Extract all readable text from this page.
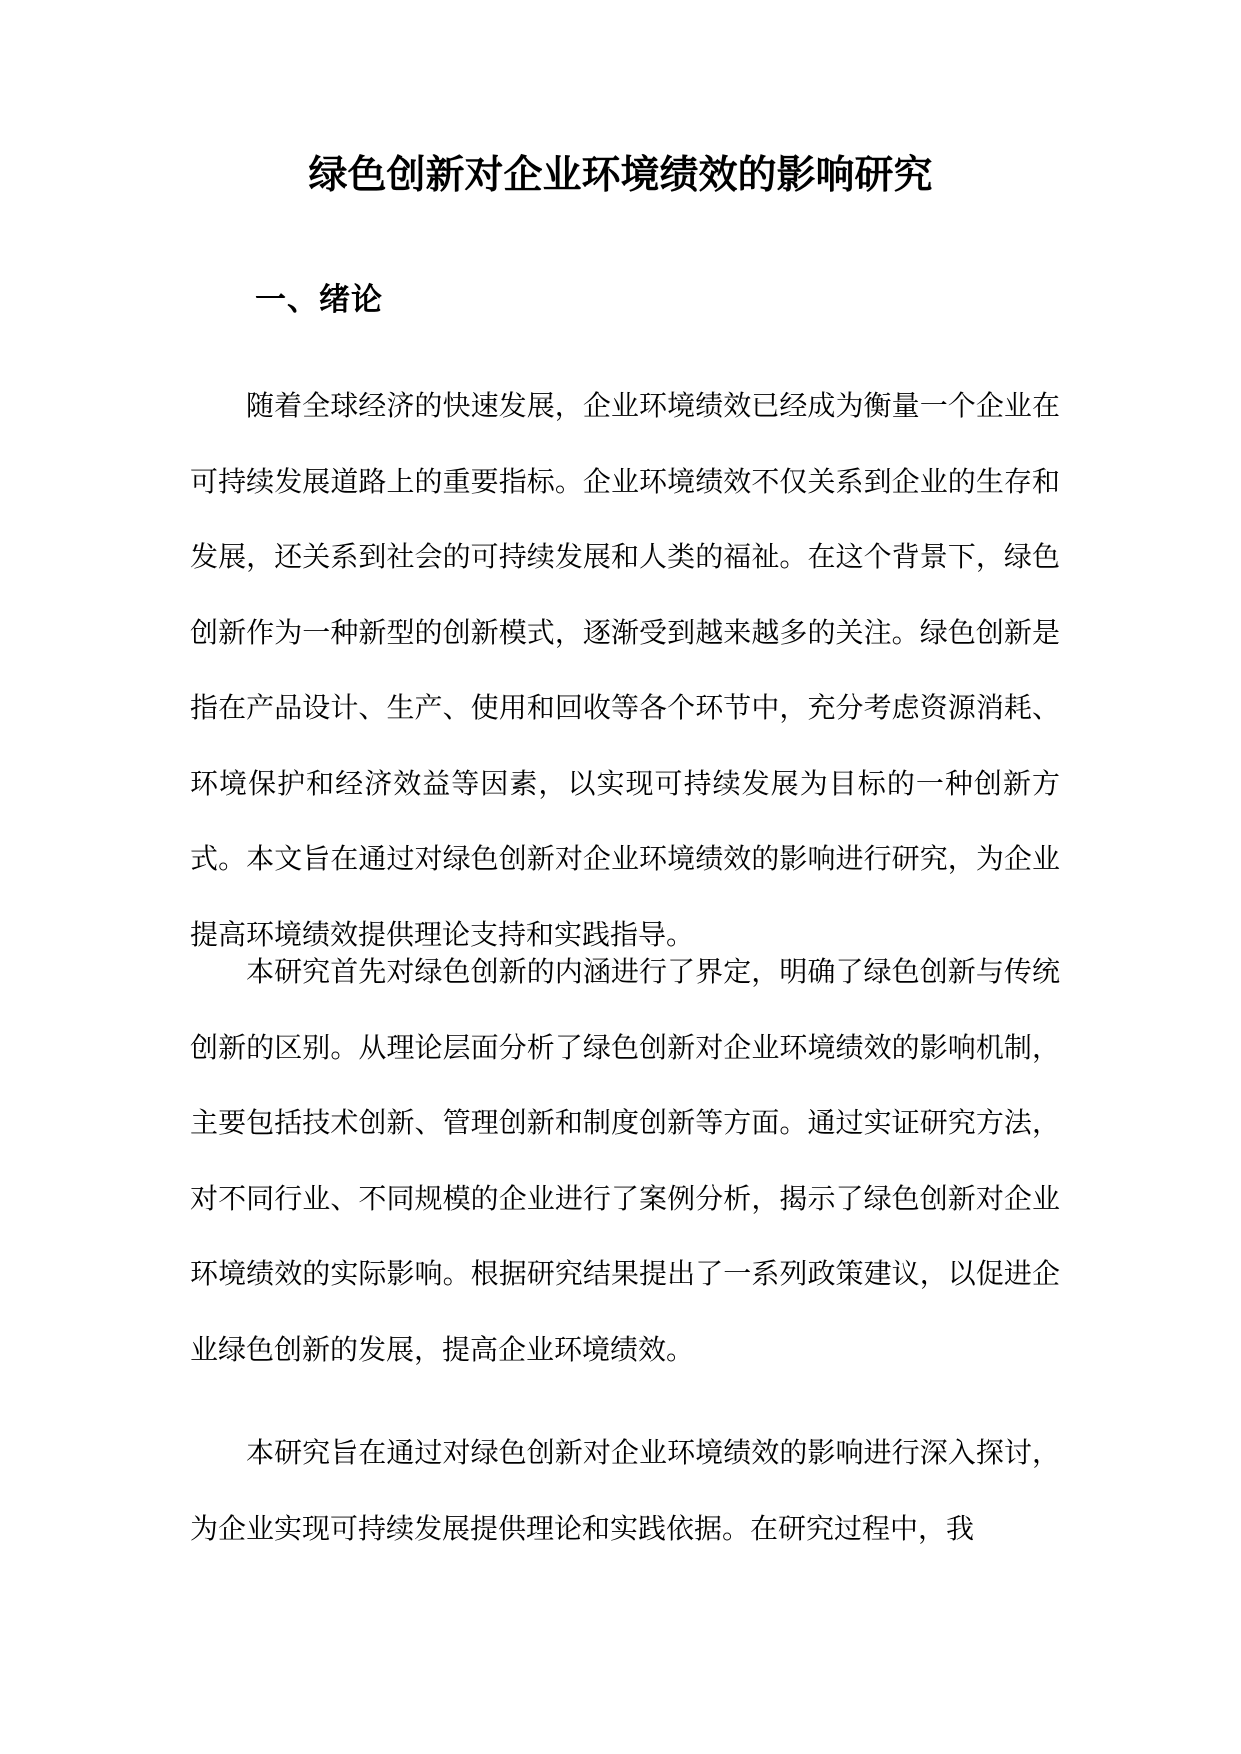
绿色创新对企业环境绩效的影响研究
一、绪论

随着全球经济的快速发展，企业环境绩效已经成为衡量一个企业在可持续发展道路上的重要指标。企业环境绩效不仅关系到企业的生存和发展，还关系到社会的可持续发展和人类的福祉。在这个背景下，绿色创新作为一种新型的创新模式，逐渐受到越来越多的关注。绿色创新是指在产品设计、生产、使用和回收等各个环节中，充分考虑资源消耗、环境保护和经济效益等因素，以实现可持续发展为目标的一种创新方式。本文旨在通过对绿色创新对企业环境绩效的影响进行研究，为企业提高环境绩效提供理论支持和实践指导。

本研究首先对绿色创新的内涵进行了界定，明确了绿色创新与传统创新的区别。从理论层面分析了绿色创新对企业环境绩效的影响机制，主要包括技术创新、管理创新和制度创新等方面。通过实证研究方法，对不同行业、不同规模的企业进行了案例分析，揭示了绿色创新对企业环境绩效的实际影响。根据研究结果提出了一系列政策建议，以促进企业绿色创新的发展，提高企业环境绩效。

本研究旨在通过对绿色创新对企业环境绩效的影响进行深入探讨，为企业实现可持续发展提供理论和实践依据。在研究过程中，我
